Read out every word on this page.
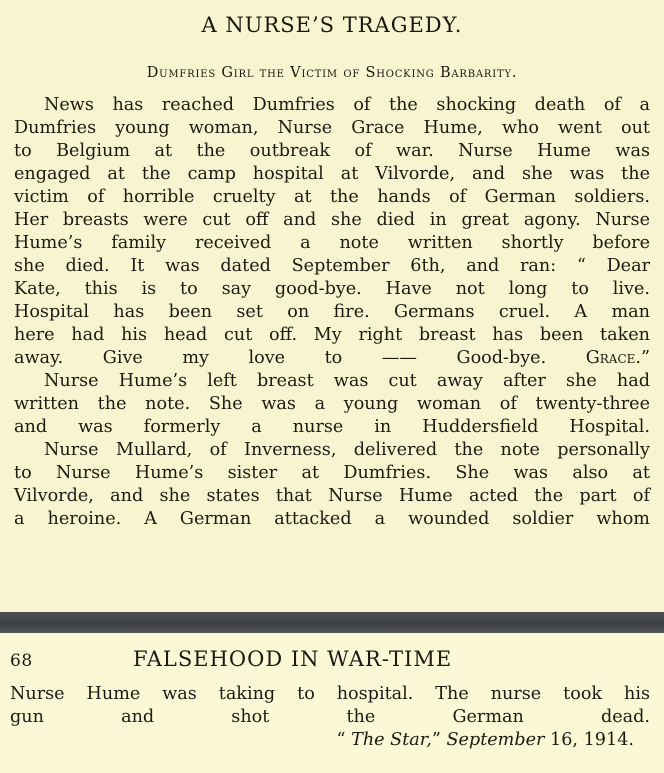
A NURSE’S TRAGEDY.
Dumfries Girl the Victim of Shocking Barbarity.

News has reached Dumfries of the shocking death of a
Dumfries young woman, Nurse Grace Hume, who went out
to Belgium at the outbreak of war. Nurse Hume was
engaged at the camp hospital at Vilvorde, and she was the
victim of horrible cruelty at the hands of German soldiers.
Her breasts were cut off and she died in great agony. Nurse
Hume’s family received a note written shortly before
she died. It was dated September 6th, and ran: “ Dear
Kate, this is to say good-bye. Have not long to live.
Hospital has been set on fire. Germans cruel. A man
here had his head cut off. My right breast has been taken
away. Give my love to —— Good-bye. Grace.”

Nurse Hume’s left breast was cut away after she had
written the note. She was a young woman of twenty-three
and was formerly a nurse in Huddersfield Hospital.

Nurse Mullard, of Inverness, delivered the note personally
to Nurse Hume’s sister at Dumfries. She was also at
Vilvorde, and she states that Nurse Hume acted the part of
a heroine. A German attacked a wounded soldier whom

68	FALSEHOOD IN WAR-TIME

Nurse Hume was taking to hospital. The nurse took his
gun and shot the German dead.

“ The Star,” September 16, 1914.
